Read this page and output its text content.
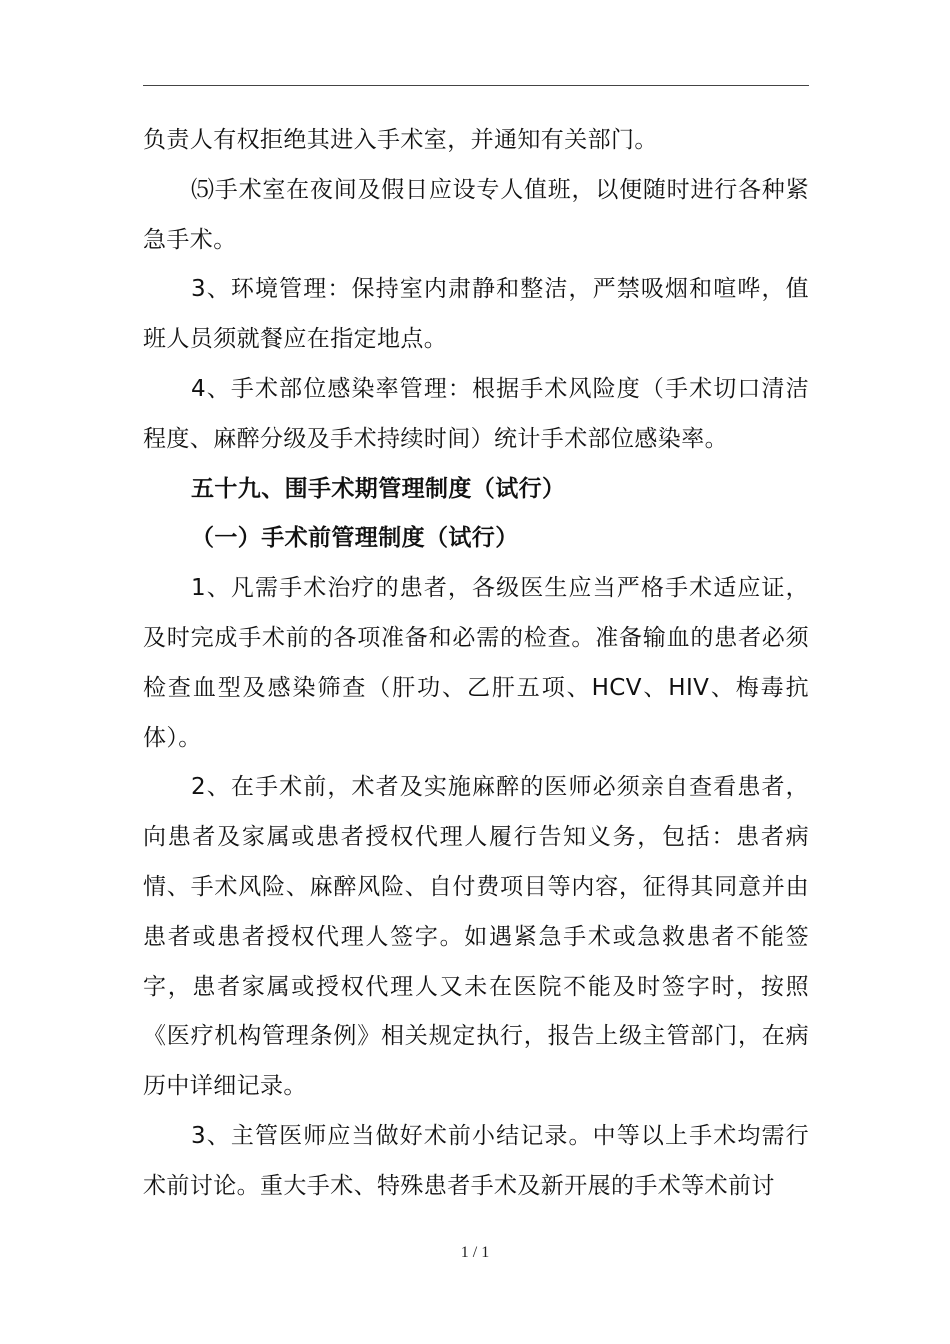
负责人有权拒绝其进入手术室，并通知有关部门。

⑸手术室在夜间及假日应设专人值班，以便随时进行各种紧急手术。

3、环境管理：保持室内肃静和整洁，严禁吸烟和喧哗，值班人员须就餐应在指定地点。

4、手术部位感染率管理：根据手术风险度（手术切口清洁程度、麻醉分级及手术持续时间）统计手术部位感染率。

五十九、围手术期管理制度（试行）

（一）手术前管理制度（试行）

1、凡需手术治疗的患者，各级医生应当严格手术适应证，及时完成手术前的各项准备和必需的检查。准备输血的患者必须检查血型及感染筛查（肝功、乙肝五项、HCV、HIV、梅毒抗体）。

2、在手术前，术者及实施麻醉的医师必须亲自查看患者，向患者及家属或患者授权代理人履行告知义务，包括：患者病情、手术风险、麻醉风险、自付费项目等内容，征得其同意并由患者或患者授权代理人签字。如遇紧急手术或急救患者不能签字，患者家属或授权代理人又未在医院不能及时签字时，按照《医疗机构管理条例》相关规定执行，报告上级主管部门，在病历中详细记录。

3、主管医师应当做好术前小结记录。中等以上手术均需行术前讨论。重大手术、特殊患者手术及新开展的手术等术前讨

1 / 1
